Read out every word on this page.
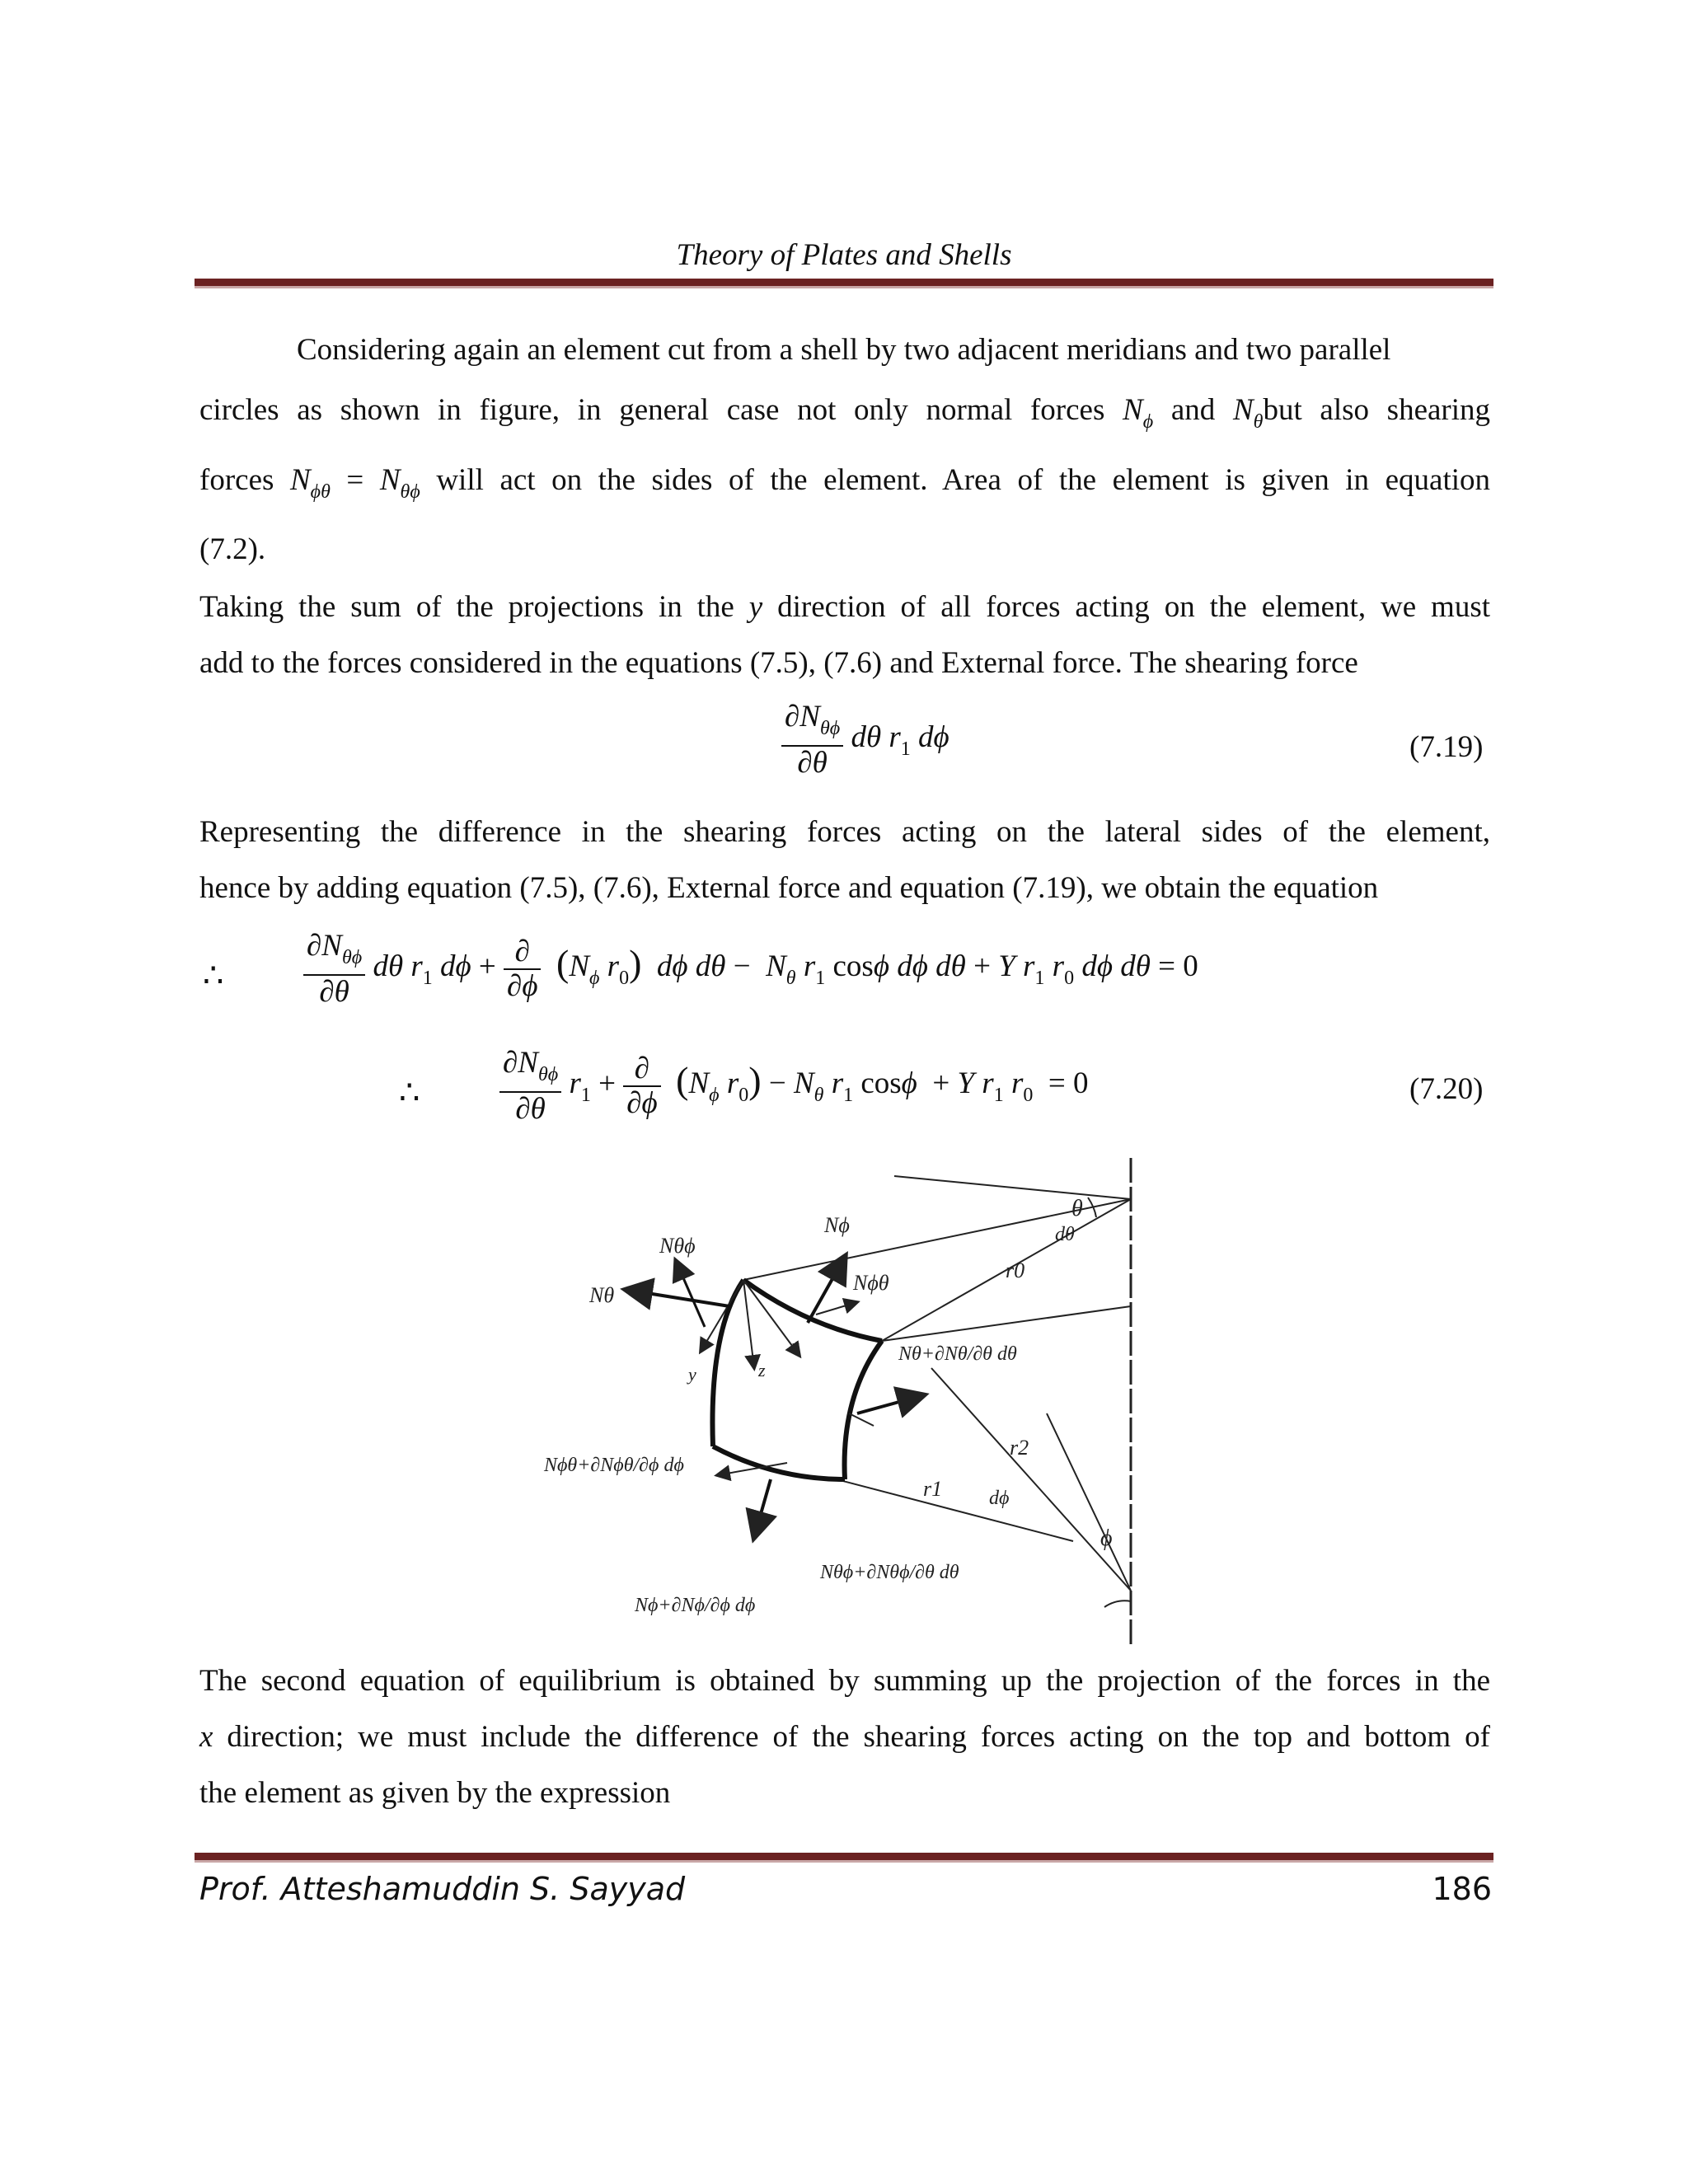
Theory of Plates and Shells
Considering again an element cut from a shell by two adjacent meridians and two parallel
circles as shown in figure, in general case not only normal forces $N_\phi$ and $N_\theta but$ also shearing
forces $N_{\phi\theta} = N_{\theta\phi}$ will act on the sides of the element. Area of the element is given in equation
(7.2).
Taking the sum of the projections in the y direction of all forces acting on the element, we must
add to the forces considered in the equations (7.5), (7.6) and External force. The shearing force
$\frac{\partial N_{\theta\phi}}{\partial\theta}$ dθ $r_1$ dϕ	(7.19)
Representing the difference in the shearing forces acting on the lateral sides of the element,
hence by adding equation (7.5), (7.6), External force and equation (7.19), we obtain the equation
∴	$\frac{\partial N_{\theta\phi}}{\partial\theta}$ dθ $r_1$ $d\phi + \frac{\partial}{\partial\phi} (N_\phi$ $r_0$)  dϕ $d\theta - N_\theta$ $r_1$ cosϕ dϕ dθ + Y $r_1$ $r_0$ dϕ dθ = 0
∴	$\frac{\partial N_{\theta\phi}}{\partial\theta} r_1 + \frac{\partial}{\partial\phi} (N_\phi$ $r_0) - N_\theta$ $r_1$ cosϕ  + Y $r_1$ $r_0 = 0$	(7.20)
θ
dθ
r0
r2
r1 dϕ
ϕ
Nϕ
Nθϕ
Nθ
Nϕθ
x
z
y
Nθ+∂Nθ/∂θ dθ
Nϕθ+∂Nϕθ/∂ϕ dϕ
Nθϕ+∂Nθϕ/∂θ dθ
Nϕ+∂Nϕ/∂ϕ dϕ
The second equation of equilibrium is obtained by summing up the projection of the forces in the
x direction; we must include the difference of the shearing forces acting on the top and bottom of
the element as given by the expression
Prof. Atteshamuddin S. Sayyad	186
